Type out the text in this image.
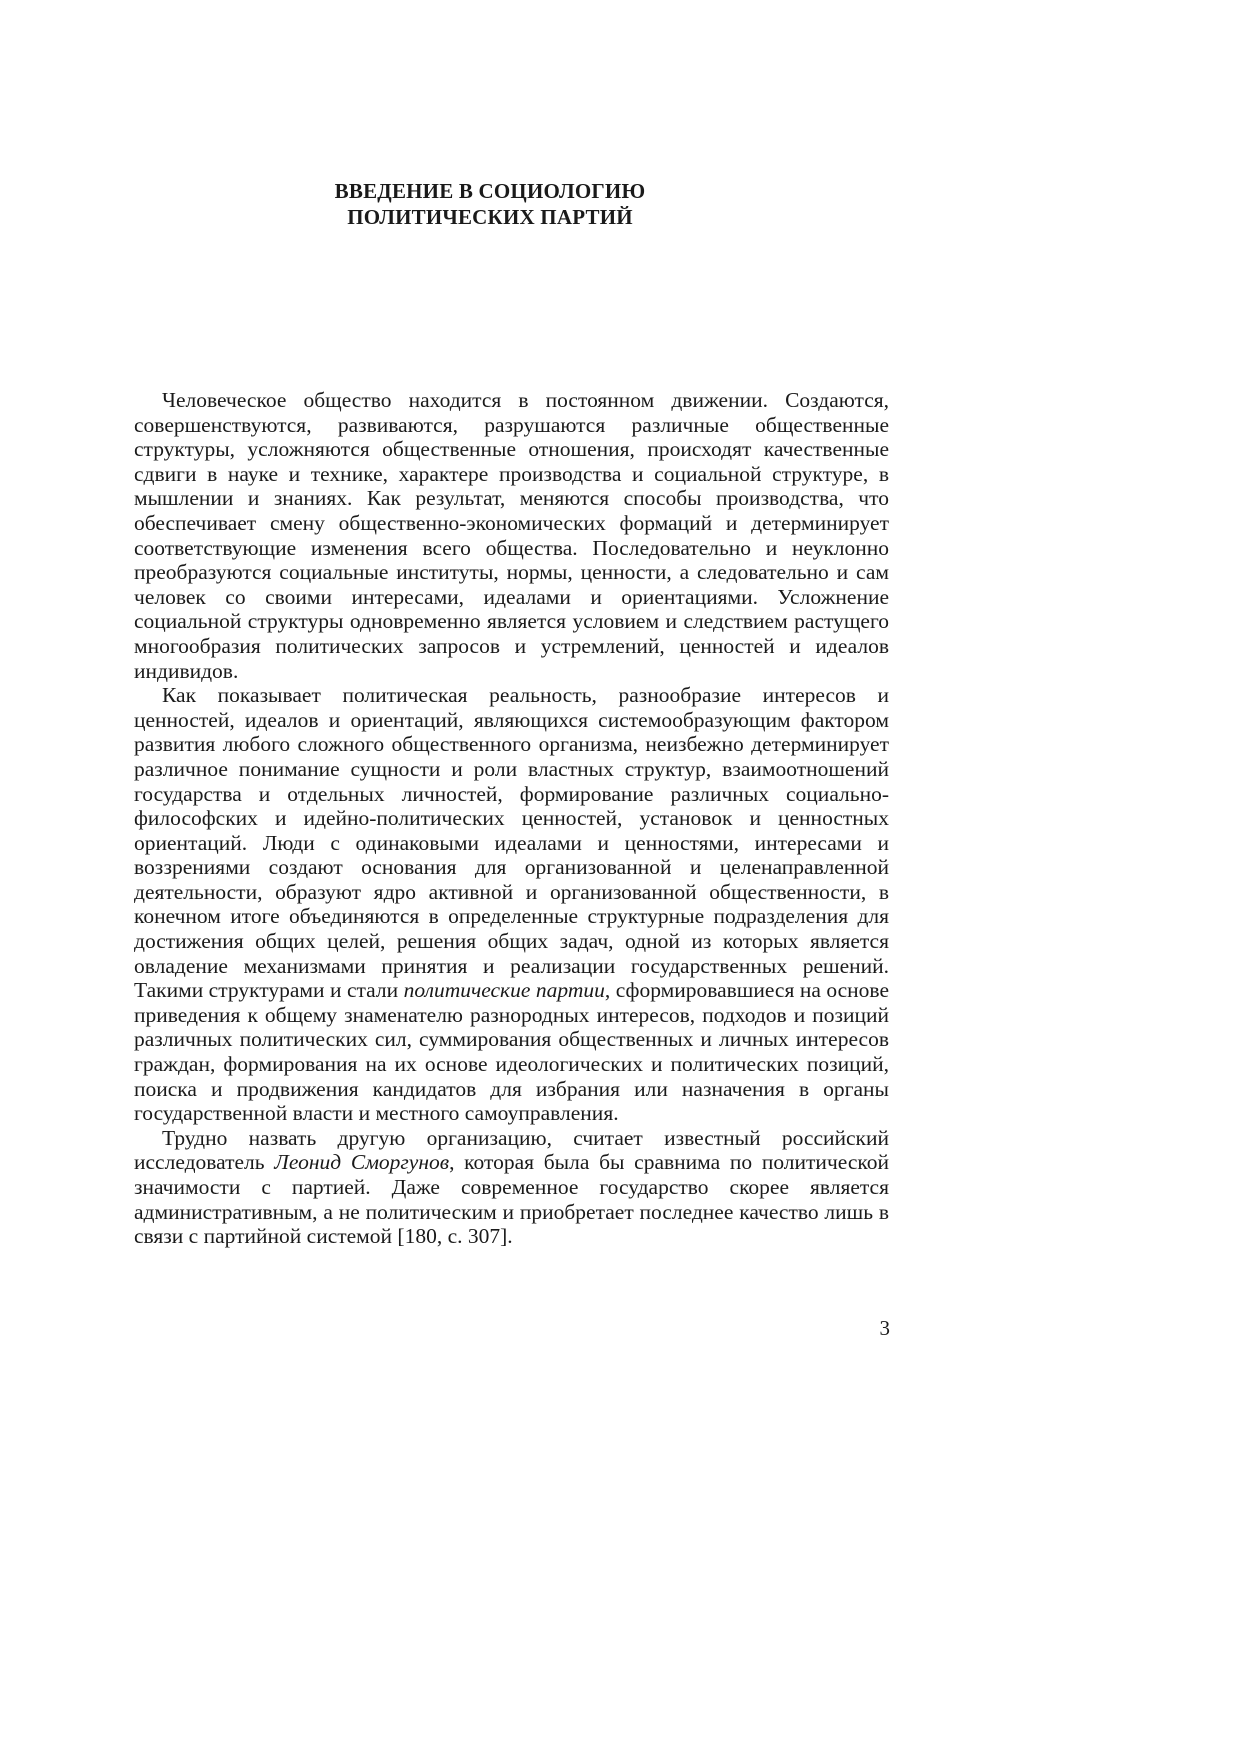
ВВЕДЕНИЕ В СОЦИОЛОГИЮ
ПОЛИТИЧЕСКИХ ПАРТИЙ

Человеческое общество находится в постоянном движении. Создаются, совершенствуются, развиваются, разрушаются различные общественные структуры, усложняются общественные отношения, происходят качественные сдвиги в науке и технике, характере производства и социальной структуре, в мышлении и знаниях. Как результат, меняются способы производства, что обеспечивает смену общественно-экономических формаций и детерминирует соответствующие изменения всего общества. Последовательно и неуклонно преобразуются социальные институты, нормы, ценности, а следовательно и сам человек со своими интересами, идеалами и ориентациями. Усложнение социальной структуры одновременно является условием и следствием растущего многообразия политических запросов и устремлений, ценностей и идеалов индивидов.

Как показывает политическая реальность, разнообразие интересов и ценностей, идеалов и ориентаций, являющихся системообразующим фактором развития любого сложного общественного организма, неизбежно детерминирует различное понимание сущности и роли властных структур, взаимоотношений государства и отдельных личностей, формирование различных социально-философских и идейно-политических ценностей, установок и ценностных ориентаций. Люди с одинаковыми идеалами и ценностями, интересами и воззрениями создают основания для организованной и целенаправленной деятельности, образуют ядро активной и организованной общественности, в конечном итоге объединяются в определенные структурные подразделения для достижения общих целей, решения общих задач, одной из которых является овладение механизмами принятия и реализации государственных решений. Такими структурами и стали политические партии, сформировавшиеся на основе приведения к общему знаменателю разнородных интересов, подходов и позиций различных политических сил, суммирования общественных и личных интересов граждан, формирования на их основе идеологических и политических позиций, поиска и продвижения кандидатов для избрания или назначения в органы государственной власти и местного самоуправления.

Трудно назвать другую организацию, считает известный российский исследователь Леонид Сморгунов, которая была бы сравнима по политической значимости с партией. Даже современное государство скорее является административным, а не политическим и приобретает последнее качество лишь в связи с партийной системой [180, с. 307].

3
